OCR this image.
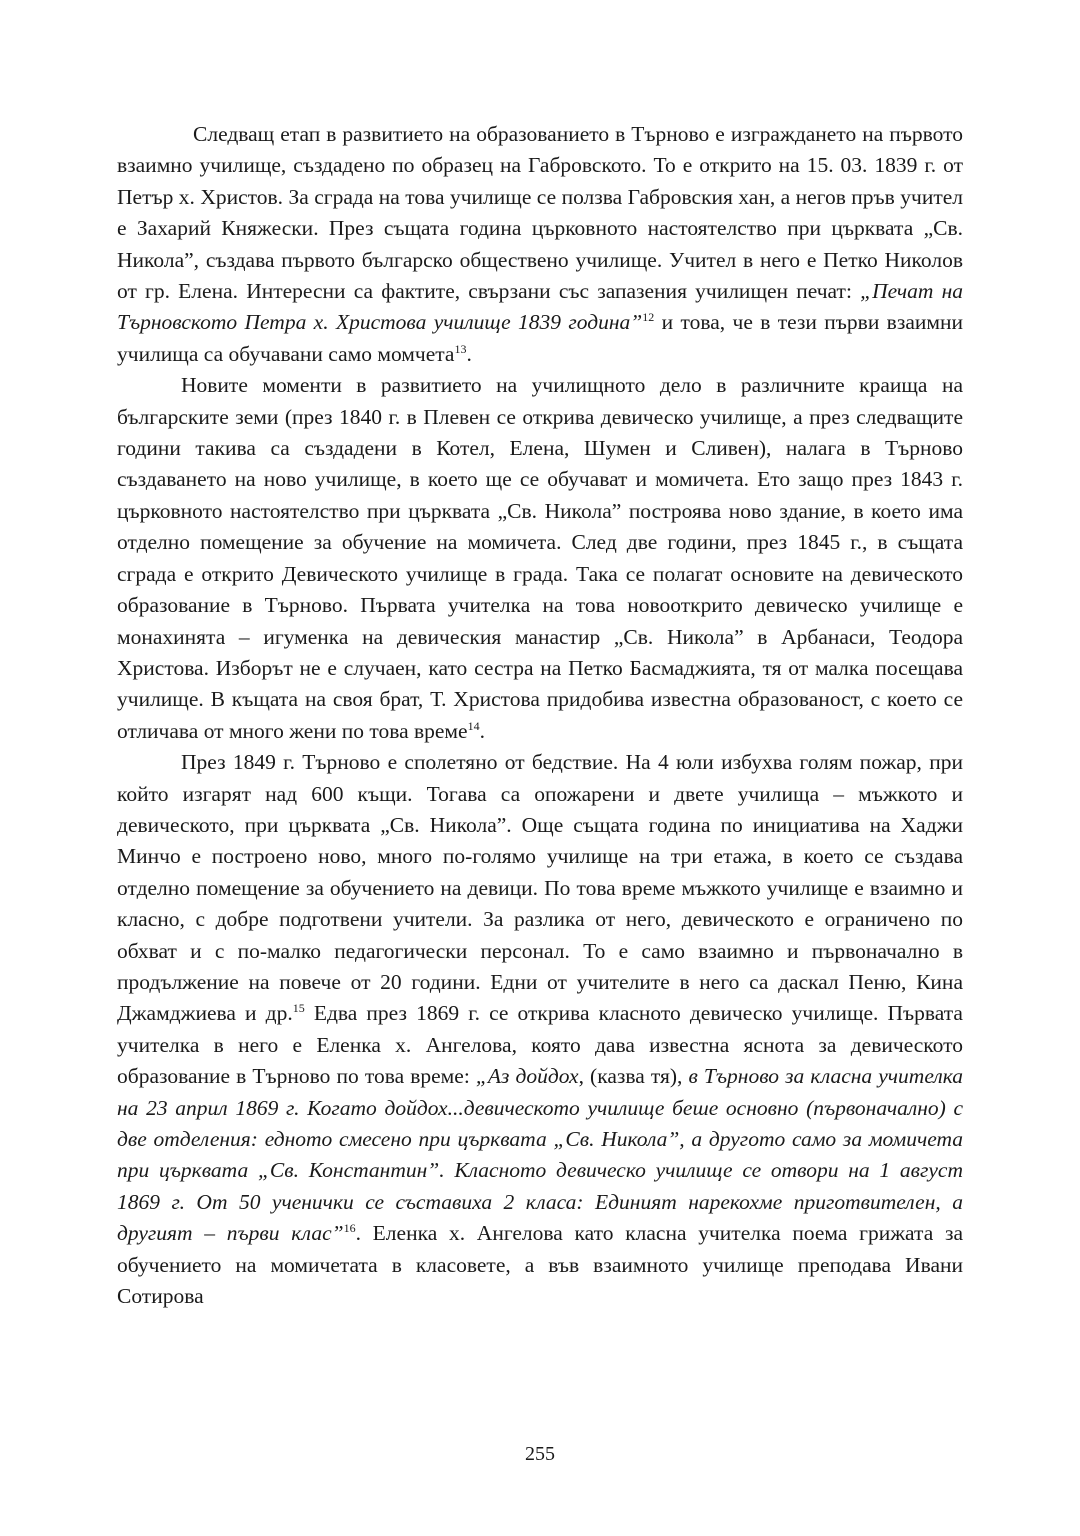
Следващ етап в развитието на образованието в Търново е изграждането на първото взаимно училище, създадено по образец на Габровското. То е открито на 15. 03. 1839 г. от Петър х. Христов. За сграда на това училище се ползва Габровския хан, а негов пръв учител е Захарий Княжески. През същата година църковното настоятелство при църквата „Св. Никола”, създава първото българско обществено училище. Учител в него е Петко Николов от гр. Елена. Интересни са фактите, свързани със запазения училищен печат: „Печат на Търновското Петра х. Христова училище 1839 година”$^{12}$ и това, че в тези първи взаимни училища са обучавани само момчета$^{13}$.

Новите моменти в развитието на училищното дело в различните краища на българските земи (през 1840 г. в Плевен се открива девическо училище, а през следващите години такива са създадени в Котел, Елена, Шумен и Сливен), налага в Търново създаването на ново училище, в което ще се обучават и момичета. Ето защо през 1843 г. църковното настоятелство при църквата „Св. Никола” построява ново здание, в което има отделно помещение за обучение на момичета. След две години, през 1845 г., в същата сграда е открито Девическото училище в града. Така се полагат основите на девическото образование в Търново. Първата учителка на това новооткрито девическо училище е монахинята – игуменка на девическия манастир „Св. Никола” в Арбанаси, Теодора Христова. Изборът не е случаен, като сестра на Петко Басмаджията, тя от малка посещава училище. В къщата на своя брат, Т. Христова придобива известна образованост, с което се отличава от много жени по това време$^{14}$.

През 1849 г. Търново е сполетяно от бедствие. На 4 юли избухва голям пожар, при който изгарят над 600 къщи. Тогава са опожарени и двете училища – мъжкото и девическото, при църквата „Св. Никола”. Още същата година по инициатива на Хаджи Минчо е построено ново, много по-голямо училище на три етажа, в което се създава отделно помещение за обучението на девици. По това време мъжкото училище е взаимно и класно, с добре подготвени учители. За разлика от него, девическото е ограничено по обхват и с по-малко педагогически персонал. То е само взаимно и първоначално в продължение на повече от 20 години. Едни от учителите в него са даскал Пеню, Кина Джамджиева и др.$^{15}$ Едва през 1869 г. се открива класното девическо училище. Първата учителка в него е Еленка х. Ангелова, която дава известна яснота за девическото образование в Търново по това време: „Аз дойдох, (казва тя), в Търново за класна учителка на 23 април 1869 г. Когато дойдох...девическото училище беше основно (първоначално) с две отделения: едното смесено при църквата „Св. Никола”, а другото само за момичета при църквата „Св. Константин”. Класното девическо училище се отвори на 1 август 1869 г. От 50 ученички се съставиха 2 класа: Единият нарекохме приготвителен, а другият – първи клас”$^{16}$. Еленка х. Ангелова като класна учителка поема грижата за обучението на момичетата в класовете, а във взаимното училище преподава Ивани Сотирова

255
